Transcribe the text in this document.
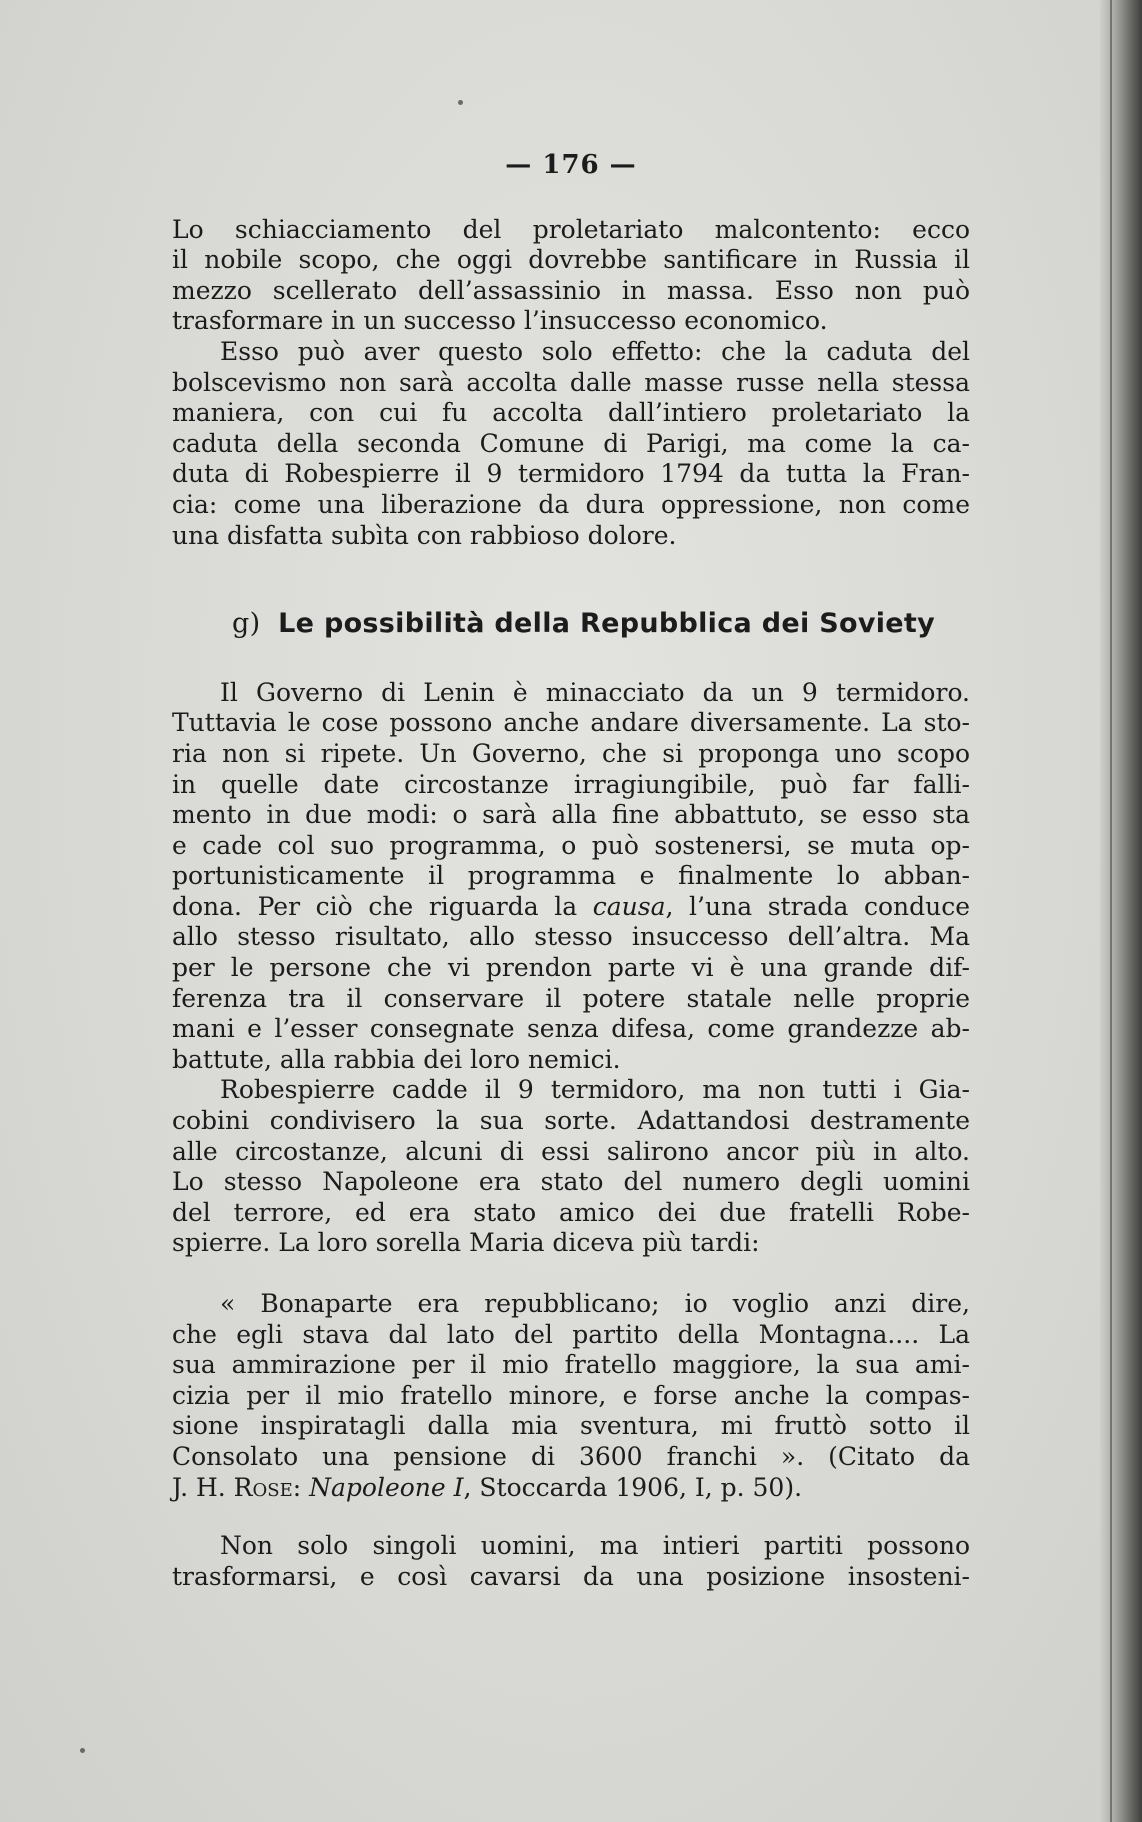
— 176 —
Lo schiacciamento del proletariato malcontento: ecco
il nobile scopo, che oggi dovrebbe santificare in Russia il
mezzo scellerato dell’assassinio in massa. Esso non può
trasformare in un successo l’insuccesso economico.
Esso può aver questo solo effetto: che la caduta del
bolscevismo non sarà accolta dalle masse russe nella stessa
maniera, con cui fu accolta dall’intiero proletariato la
caduta della seconda Comune di Parigi, ma come la ca-
duta di Robespierre il 9 termidoro 1794 da tutta la Fran-
cia: come una liberazione da dura oppressione, non come
una disfatta subìta con rabbioso dolore.
g) Le possibilità della Repubblica dei Soviety
Il Governo di Lenin è minacciato da un 9 termidoro.
Tuttavia le cose possono anche andare diversamente. La sto-
ria non si ripete. Un Governo, che si proponga uno scopo
in quelle date circostanze irragiungibile, può far falli-
mento in due modi: o sarà alla fine abbattuto, se esso sta
e cade col suo programma, o può sostenersi, se muta op-
portunisticamente il programma e finalmente lo abban-
dona. Per ciò che riguarda la causa, l’una strada conduce
allo stesso risultato, allo stesso insuccesso dell’altra. Ma
per le persone che vi prendon parte vi è una grande dif-
ferenza tra il conservare il potere statale nelle proprie
mani e l’esser consegnate senza difesa, come grandezze ab-
battute, alla rabbia dei loro nemici.
Robespierre cadde il 9 termidoro, ma non tutti i Gia-
cobini condivisero la sua sorte. Adattandosi destramente
alle circostanze, alcuni di essi salirono ancor più in alto.
Lo stesso Napoleone era stato del numero degli uomini
del terrore, ed era stato amico dei due fratelli Robe-
spierre. La loro sorella Maria diceva più tardi:
« Bonaparte era repubblicano; io voglio anzi dire,
che egli stava dal lato del partito della Montagna.... La
sua ammirazione per il mio fratello maggiore, la sua ami-
cizia per il mio fratello minore, e forse anche la compas-
sione inspiratagli dalla mia sventura, mi fruttò sotto il
Consolato una pensione di 3600 franchi ». (Citato da
J. H. Rose: Napoleone I, Stoccarda 1906, I, p. 50).
Non solo singoli uomini, ma intieri partiti possono
trasformarsi, e così cavarsi da una posizione insosteni-
